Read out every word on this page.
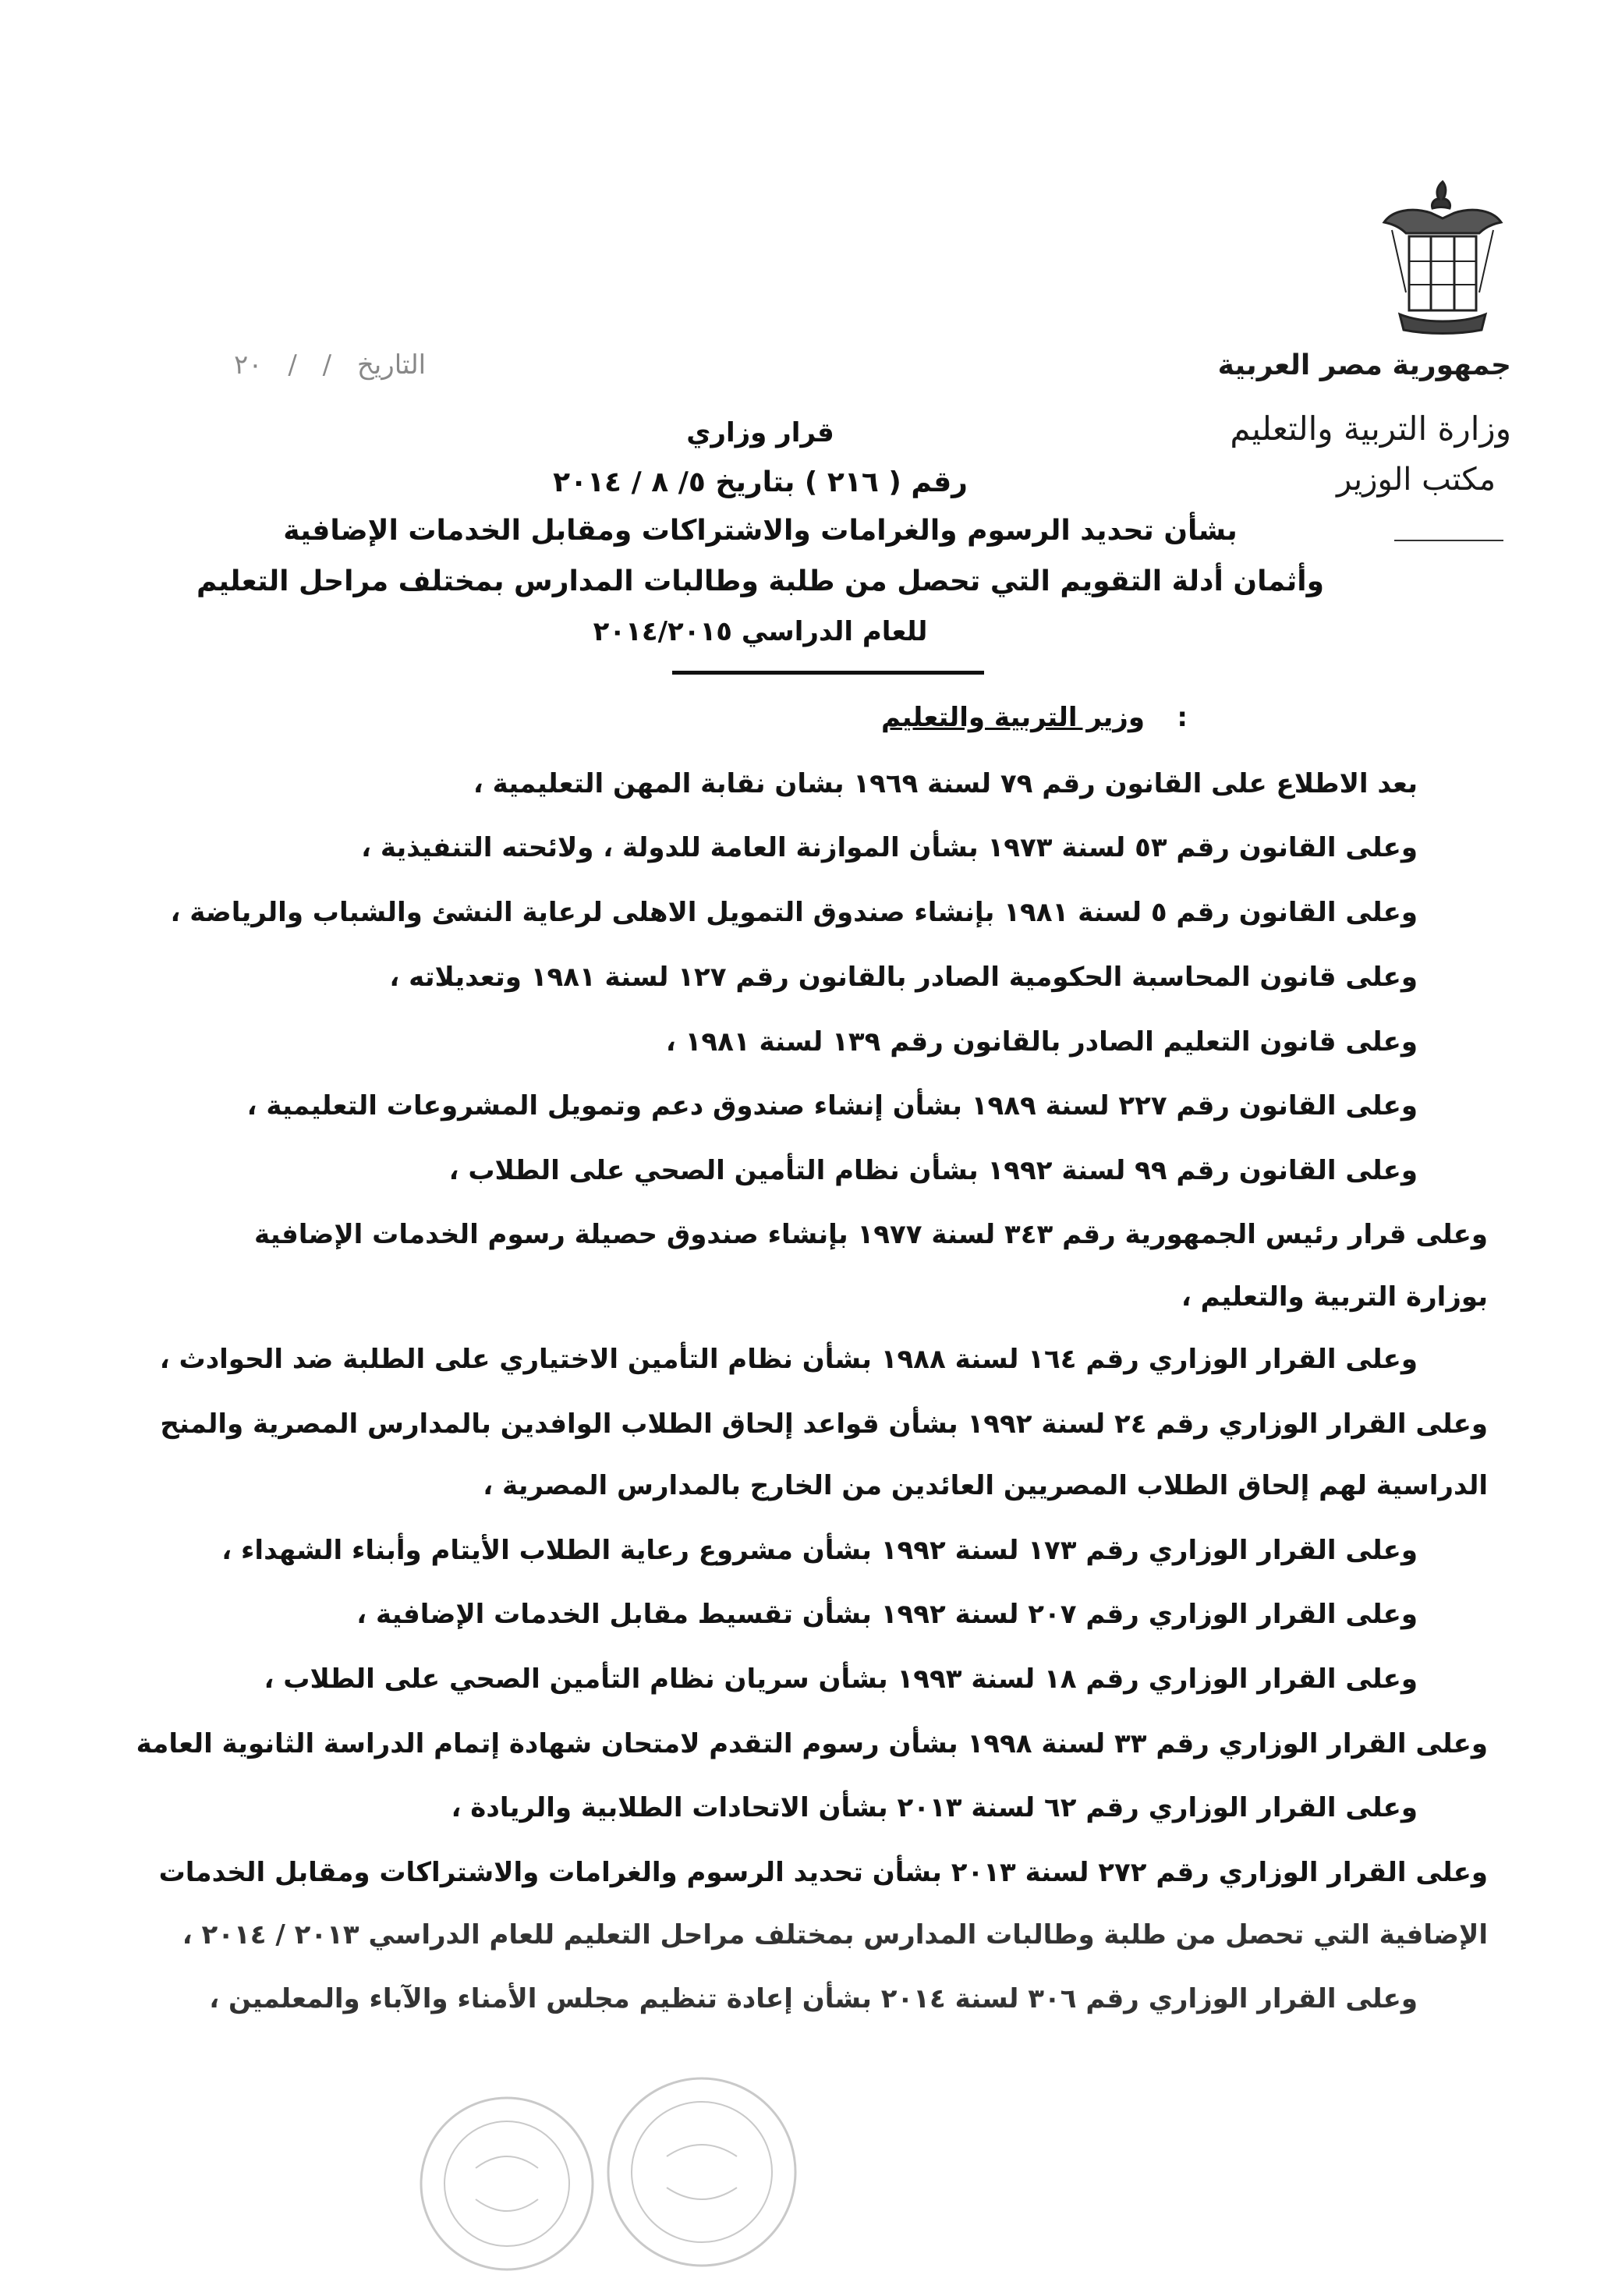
جمهورية مصر العربية
وزارة التربية والتعليم
مكتب الوزير
التاريخ / / ٢٠
قرار وزاري
رقم ( ٢١٦ ) بتاريخ ٥/ ٨ / ٢٠١٤
بشأن تحديد الرسوم والغرامات والاشتراكات ومقابل الخدمات الإضافية
وأثمان أدلة التقويم التي تحصل من طلبة وطالبات المدارس بمختلف مراحل التعليم
للعام الدراسي ٢٠١٤/٢٠١٥
وزير التربية والتعليم :
بعد الاطلاع على القانون رقم ٧٩ لسنة ١٩٦٩ بشان نقابة المهن التعليمية ،
وعلى القانون رقم ٥٣ لسنة ١٩٧٣ بشأن الموازنة العامة للدولة ، ولائحته التنفيذية ،
وعلى القانون رقم ٥ لسنة ١٩٨١ بإنشاء صندوق التمويل الاهلى لرعاية النشئ والشباب والرياضة ،
وعلى قانون المحاسبة الحكومية الصادر بالقانون رقم ١٢٧ لسنة ١٩٨١ وتعديلاته ،
وعلى قانون التعليم الصادر بالقانون رقم ١٣٩ لسنة ١٩٨١ ،
وعلى القانون رقم ٢٢٧ لسنة ١٩٨٩ بشأن إنشاء صندوق دعم وتمويل المشروعات التعليمية ،
وعلى القانون رقم ٩٩ لسنة ١٩٩٢ بشأن نظام التأمين الصحي على الطلاب ،
وعلى قرار رئيس الجمهورية رقم ٣٤٣ لسنة ١٩٧٧ بإنشاء صندوق حصيلة رسوم الخدمات الإضافية
بوزارة التربية والتعليم ،
وعلى القرار الوزاري رقم ١٦٤ لسنة ١٩٨٨ بشأن نظام التأمين الاختياري على الطلبة ضد الحوادث ،
وعلى القرار الوزاري رقم ٢٤ لسنة ١٩٩٢ بشأن قواعد إلحاق الطلاب الوافدين بالمدارس المصرية والمنح
الدراسية لهم إلحاق الطلاب المصريين العائدين من الخارج بالمدارس المصرية ،
وعلى القرار الوزاري رقم ١٧٣ لسنة ١٩٩٢ بشأن مشروع رعاية الطلاب الأيتام وأبناء الشهداء ،
وعلى القرار الوزاري رقم ٢٠٧ لسنة ١٩٩٢ بشأن تقسيط مقابل الخدمات الإضافية ،
وعلى القرار الوزاري رقم ١٨ لسنة ١٩٩٣ بشأن سريان نظام التأمين الصحي على الطلاب ،
وعلى القرار الوزاري رقم ٣٣ لسنة ١٩٩٨ بشأن رسوم التقدم لامتحان شهادة إتمام الدراسة الثانوية العامة
وعلى القرار الوزاري رقم ٦٢ لسنة ٢٠١٣ بشأن الاتحادات الطلابية والريادة ،
وعلى القرار الوزاري رقم ٢٧٢ لسنة ٢٠١٣ بشأن تحديد الرسوم والغرامات والاشتراكات ومقابل الخدمات
الإضافية التي تحصل من طلبة وطالبات المدارس بمختلف مراحل التعليم للعام الدراسي ٢٠١٣ / ٢٠١٤ ،
وعلى القرار الوزاري رقم ٣٠٦ لسنة ٢٠١٤ بشأن إعادة تنظيم مجلس الأمناء والآباء والمعلمين ،
